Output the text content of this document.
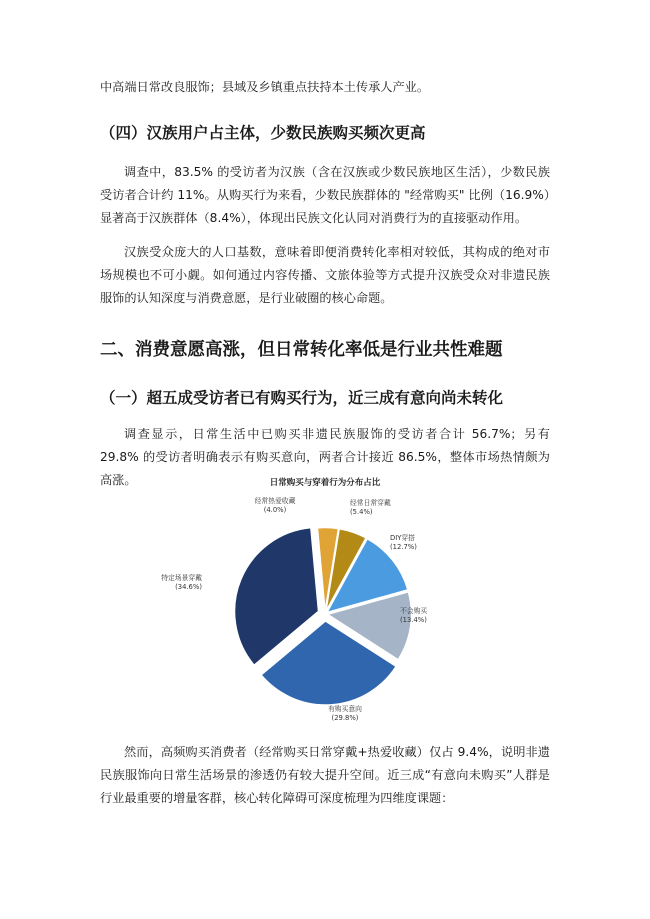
中高端日常改良服饰；县域及乡镇重点扶持本土传承人产业。

（四）汉族用户占主体，少数民族购买频次更高

调查中，83.5% 的受访者为汉族（含在汉族或少数民族地区生活），少数民族受访者合计约 11%。从购买行为来看，少数民族群体的 "经常购买" 比例（16.9%）显著高于汉族群体（8.4%），体现出民族文化认同对消费行为的直接驱动作用。

汉族受众庞大的人口基数，意味着即便消费转化率相对较低，其构成的绝对市场规模也不可小觑。如何通过内容传播、文旅体验等方式提升汉族受众对非遗民族服饰的认知深度与消费意愿，是行业破圈的核心命题。

二、消费意愿高涨，但日常转化率低是行业共性难题
（一）超五成受访者已有购买行为，近三成有意向尚未转化

调查显示，日常生活中已购买非遗民族服饰的受访者合计 56.7%；另有 29.8% 的受访者明确表示有购买意向，两者合计接近 86.5%，整体市场热情颇为高涨。	日常购买与穿着行为分布占比
经常日常穿戴
(5.4%)
DIY穿搭
(12.7%)
不会购买
(13.4%)
有购买意向
(29.8%)
特定场景穿戴
(34.6%)
经常热爱收藏
(4.0%)

然而，高频购买消费者（经常购买日常穿戴+热爱收藏）仅占 9.4%，说明非遗民族服饰向日常生活场景的渗透仍有较大提升空间。近三成“有意向未购买”人群是行业最重要的增量客群，核心转化障碍可深度梳理为四维度课题：
